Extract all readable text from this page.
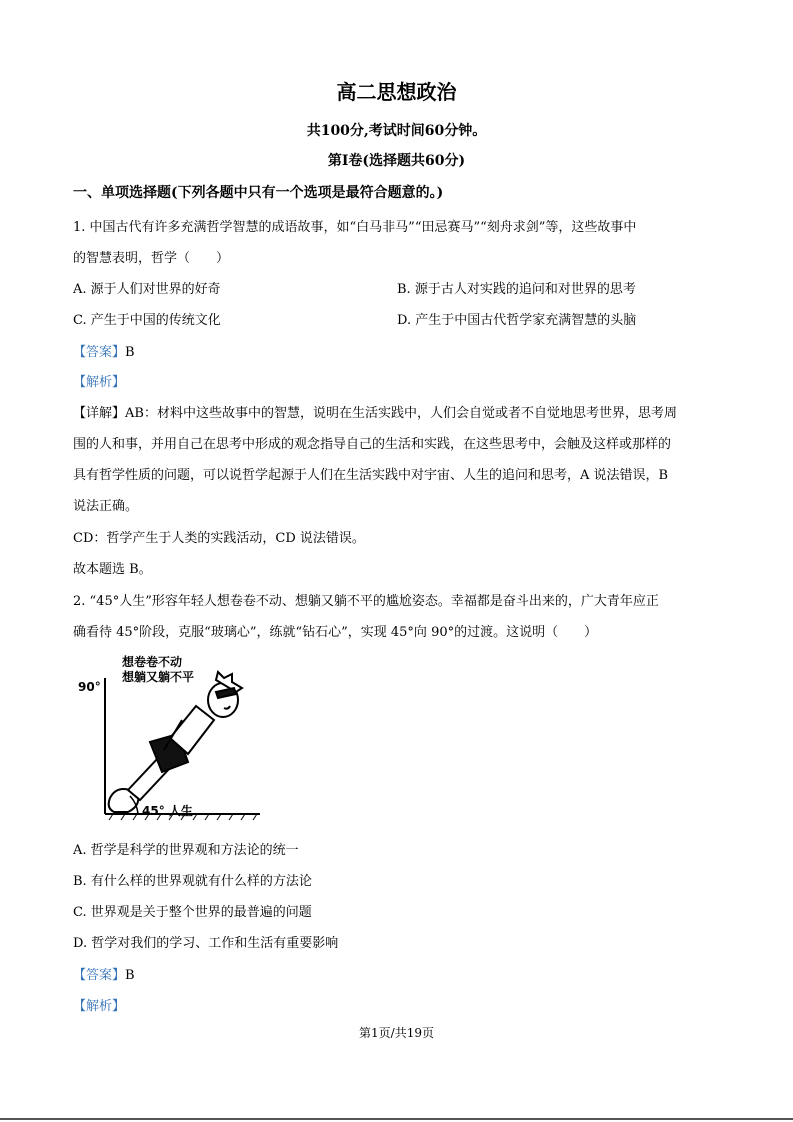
高二思想政治
共100分,考试时间60分钟。
第Ⅰ卷(选择题共60分)
一、单项选择题(下列各题中只有一个选项是最符合题意的。)
1. 中国古代有许多充满哲学智慧的成语故事，如“白马非马”“田忌赛马”“刻舟求剑”等，这些故事中
的智慧表明，哲学（　　）
A. 源于人们对世界的好奇	B. 源于古人对实践的追问和对世界的思考
C. 产生于中国的传统文化	D. 产生于中国古代哲学家充满智慧的头脑
【答案】B
【解析】
【详解】AB：材料中这些故事中的智慧，说明在生活实践中，人们会自觉或者不自觉地思考世界，思考周
围的人和事，并用自己在思考中形成的观念指导自己的生活和实践，在这些思考中，会触及这样或那样的
具有哲学性质的问题，可以说哲学起源于人们在生活实践中对宇宙、人生的追问和思考，A 说法错误，B
说法正确。
CD：哲学产生于人类的实践活动，CD 说法错误。
故本题选 B。
2. “45°人生”形容年轻人想卷卷不动、想躺又躺不平的尴尬姿态。幸福都是奋斗出来的，广大青年应正
确看待 45°阶段，克服“玻璃心”，练就“钻石心”，实现 45°向 90°的过渡。这说明（　　）
90°
想卷卷不动
想躺又躺不平
45° 人生
A. 哲学是科学的世界观和方法论的统一
B. 有什么样的世界观就有什么样的方法论
C. 世界观是关于整个世界的最普遍的问题
D. 哲学对我们的学习、工作和生活有重要影响
【答案】B
【解析】
第1页/共19页
